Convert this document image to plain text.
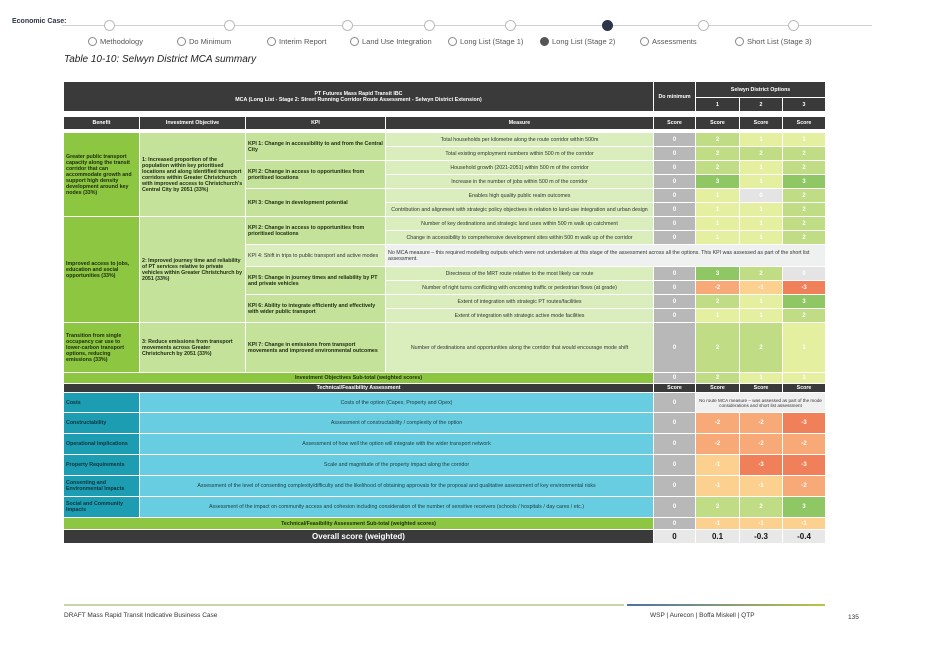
Economic Case:
Methodology	Do Minimum	Interim Report	Land Use Integration	Long List (Stage 1)	Long List (Stage 2)	Assessments	Short List (Stage 3)
Table 10-10: Selwyn District MCA summary
PT Futures Mass Rapid Transit IBC
MCA (Long List - Stage 2: Street Running Corridor Route Assessment - Selwyn District Extension)				Do minimum	Selwyn District Options		
					1	2	3

Benefit	Investment Objective	KPI	Measure	Score	Score	Score	Score

Greater public transport capacity along the transit corridor that can accommodate growth and support high density development around key nodes (33%)	1: Increased proportion of the population within key prioritised locations and along identified transport corridors within Greater Christchurch with improved access to Christchurch's Central City by 2051 (33%)	KPI 1: Change in accessibility to and from the Central City	Total households per kilometre along the route corridor within 500m	0	2	1	1
			Total existing employment numbers within 500 m of the corridor	0	2	2	2
		KPI 2: Change in access to opportunities from prioritised locations	Household growth (2021-2051) within 500 m of the corridor	0	2	1	2
			Increase in the number of jobs within 500 m of the corridor	0	3	1	3
		KPI 3: Change in development potential	Enables high quality public realm outcomes	0	1	0	2
			Contribution and alignment with strategic policy objectives in relation to land-use integration and urban design	0	1	1	2
Improved access to jobs, education and social opportunities (33%)	2: Improved journey time and reliability of PT services relative to private vehicles within Greater Christchurch by 2051 (33%)	KPI 2: Change in access to opportunities from prioritised locations	Number of key destinations and strategic land uses within 500 m walk up catchment	0	1	1	2
			Change in accessibility to comprehensive development sites within 500 m walk up of the corridor	0	1	1	2
		KPI 4: Shift in trips to public transport and active modes	No MCA measure – this required modelling outputs which were not undertaken at this stage of the assessment across all the options. This KPI was assessed as part of the short list assessment.				
		KPI 5: Change in journey times and reliability by PT and private vehicles	Directness of the MRT route relative to the most likely car route	0	3	2	0
			Number of right turns conflicting with oncoming traffic or pedestrian flows (at grade)	0	-2	-1	-3
		KPI 6: Ability to integrate efficiently and effectively with wider public transport	Extent of integration with strategic PT routes/facilities	0	2	1	3
			Extent of integration with strategic active mode facilities	0	1	1	2
Transition from single occupancy car use to lower-carbon transport options, reducing emissions (33%)	3: Reduce emissions from transport movements across Greater Christchurch by 2051 (33%)	KPI 7: Change in emissions from transport movements and improved environmental outcomes	Number of destinations and opportunities along the corridor that would encourage mode shift	0	2	2	1
Investment Objectives Sub-total (weighted scores)				0	2	1	1
Technical/Feasibility Assessment				Score	Score	Score	Score
Costs	Costs of the option (Capex, Property and Opex)			0	No route MCA measure – was assessed as part of the mode considerations and short list assessment		
Constructability	Assessment of constructability / complexity of the option			0	-2	-2	-3
Operational Implications	Assessment of how well the option will integrate with the wider transport network			0	-2	-2	-2
Property Requirements	Scale and magnitude of the property impact along the corridor			0	-1	-3	-3
Consenting and Environmental Impacts	Assessment of the level of consenting complexity/difficulty and the likelihood of obtaining approvals for the proposal and qualitative assessment of key environmental risks			0	-1	-1	-2
Social and Community Impacts	Assessment of the impact on community access and cohesion including consideration of the number of sensitive receivers (schools / hospitals / day cares / etc.)			0	2	2	3
Technical/Feasibility Assessment Sub-total (weighted scores)				0	-1	-1	-1
Overall score (weighted)				0	0.1	-0.3	-0.4
DRAFT Mass Rapid Transit Indicative Business Case	WSP | Aurecon | Boffa Miskell | QTP	135
